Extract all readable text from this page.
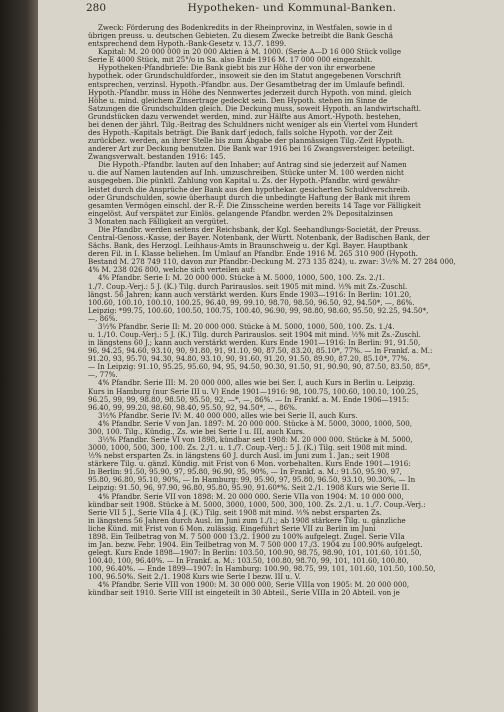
280	Hypotheken- und Kommunal-Banken.
Zweck: Förderung des Bodenkredits in der Rheinprovinz, in Westfalen, sowie in d
übrigen preuss. u. deutschen Gebieten. Zu diesem Zwecke betreibt die Bank Geschä
entsprechend dem Hypoth.-Bank-Gesetz v. 13./7. 1899.
Kapital: M. 20 000 000 in 20 000 Aktien à M. 1000. (Serie A—D 16 000 Stück vollge
Serie E 4000 Stück, mit 25°/o in Sa. also Ende 1916 M. 17 000 000 eingezahlt.
Hypotheken-Pfandbriefe: Die Bank giebt bis zur Höhe der von ihr erworbene
hypothek. oder Grundschuldforder., insoweit sie den im Statut angegebenen Vorschrift
entsprechen, verzinsl. Hypoth.-Pfandbr. aus. Der Gesamtbetrag der im Umlaufe befindl.
Hypoth.-Pfandbr. muss in Höhe des Nennwertes jederzeit durch Hypoth. von mind. gleich
Höhe u. mind. gleichem Zinsertrage gedeckt sein. Den Hypoth. stehen im Sinne de
Satzungen die Grundschulden gleich. Die Deckung muss, soweit Hypoth. an landwirtschaftl.
Grundstücken dazu verwendet werden, mind. zur Hälfte aus Amort.-Hypoth. bestehen,
bei denen der jährl. Tilg.-Beitrag des Schuldners nicht weniger als ein Viertel vom Hundert
des Hypoth.-Kapitals beträgt. Die Bank darf jedoch, falls solche Hypoth. vor der Zeit
zurückbez. werden, an ihrer Stelle bis zum Abgabe der planmässigen Tilg.-Zeit Hypoth.
anderer Art zur Deckung benutzen. Die Bank war 1916 bei 16 Zwangsversteiger. beteiligt.
Zwangsverwalt. bestanden 1916: 145.
Die Hypoth.-Pfandbr. lauten auf den Inhaber; auf Antrag sind sie jederzeit auf Namen
u. die auf Namen lautenden auf Inh. umzuschreiben. Stücke unter M. 100 werden nicht
ausgegeben. Die pünktl. Zahlung von Kapital u. Zs. der Hypoth.-Pfandbr. wird gewähr-
leistet durch die Ansprüche der Bank aus den hypothekar. gesicherten Schuldverschreib.
oder Grundschulden, sowie überhaupt durch die unbedingte Haftung der Bank mit ihrem
gesamten Vermögen einschl. der R.-F. Die Zinsscheine werden bereits 14 Tage vor Fälligkeit
eingelöst. Auf verspätet zur Einlös. gelangende Pfandbr. werden 2% Depositalzinsen
3 Monaten nach Fälligkeit an vergütet.
Die Pfandbr. werden seitens der Reichsbank, der Kgl. Seehandlungs-Societät, der Preuss.
Central-Genoss.-Kasse, der Bayer. Notenbank, der Württ. Notenbank, der Badischen Bank, der
Sächs. Bank, des Herzogl. Leihhaus-Amts in Braunschweig u. der Kgl. Bayer. Hauptbank
deren Fil. in I. Klasse beliehen. Im Umlauf an Pfandbr. Ende 1916 M. 265 310 900 (Hypoth.
Bestand M. 278 749 110, davon zur Pfandbr.-Deckung M. 273 135 824), u. zwar: 3½% M. 27 284 000,
4% M. 238 026 800, welche sich verteilen auf:
4% Pfandbr. Serie I: M. 20 000 000. Stücke à M. 5000, 1000, 500, 100. Zs. 2./1.
1./7. Coup.-Verj.: 5 J. (K.) Tilg. durch Parirauslos. seit 1905 mit mind. ½% mit Zs.-Zuschl.
längst. 56 Jahren; kann auch verstärkt werden. Kurs Ende 1903—1916: In Berlin: 101.20,
100.60, 100.10, 100.10, 100.25, 96.40, 99, 99.10, 98.70, 98.50, 96.50, 92, 94.50*, —, 86%.
Leipzig: *99.75, 100.60, 100.50, 100.75, 100.40, 96.90, 99, 98.80, 98.60, 95.50, 92.25, 94.50*,
—, 86%.
3½% Pfandbr. Serie II: M. 20 000 000. Stücke à M. 5000, 1000, 500, 100. Zs. 1./4.
u. 1./10. Coup.-Verj.: 5 J. (K.) Tilg. durch Parirauslos. seit 1904 mit mind. ½% mit Zs.-Zuschl.
in längstens 60 J.; kann auch verstärkt werden. Kurs Ende 1901—1916: In Berlin: 91, 91.50,
96, 94.25, 94.60, 93.10, 90, 91.80, 91, 91.10, 90, 87.50, 83.20, 85.10*, 77%. — In Frankf. a. M.:
91.20, 93, 95.70, 94.30, 94.80, 93.10, 90, 91.60, 91.20, 91.50, 89.90, 87.20, 85.10*, 77%.
— In Leipzig: 91.10, 95.25, 95.60, 94, 95, 94.50, 90.30, 91.50, 91, 90.90, 90, 87.50, 83.50, 85*,
—, 77%.
4% Pfandbr. Serie III: M. 20 000 000, alles wie bei Ser. I, auch Kurs in Berlin u. Leipzig.
Kurs in Hamburg (nur Serie III u. V) Ende 1901—1916: 98, 100.75, 100.60, 100.10, 100.25,
96.25, 99, 99, 98.80, 98.50, 95.50, 92, —*, —, 86%. — In Frankf. a. M. Ende 1906—1915:
96.40, 99, 99.20, 98.60, 98.40, 95.50, 92, 94.50*, —, 86%.
3½% Pfandbr. Serie IV: M. 40 000 000, alles wie bei Serie II, auch Kurs.
4% Pfandbr. Serie V von Jan. 1897: M. 20 000 000. Stücke à M. 5000, 3000, 1000, 500,
300, 100. Tilg., Kündig., Zs. wie bei Serie I u. III, auch Kurs.
3½% Pfandbr. Serie VI von 1898, kündbar seit 1908: M. 20 000 000. Stücke à M. 5000,
3000, 1000, 500, 300, 100. Zs. 2./1. u. 1./7. Coup.-Verj.: 5 J. (K.) Tilg. seit 1908 mit mind.
½% nebst ersparten Zs. in längstens 60 J. durch Ausl. im Juni zum 1. Jan.; seit 1908
stärkere Tilg. u. gänzl. Kündig. mit Frist von 6 Mon. vorbehalten. Kurs Ende 1901—1916:
In Berlin: 91.50, 95.90, 97, 95.80, 96.90, 95, 90%, — In Frankf. a. M.: 91.50, 95.90, 97,
95.80, 96.80, 95.10, 90%, — In Hamburg: 99, 95.90, 97, 95.80, 96.50, 93.10, 90.30%, — In
Leipzig: 91.50, 96, 97.90, 96.80, 95.80, 95.90, 91.60*%. Seit 2./1. 1908 Kurs wie Serie II.
4% Pfandbr. Serie VII von 1898: M. 20 000 000. Serie VIIa von 1904: M. 10 000 000,
kündbar seit 1908. Stücke à M. 5000, 3000, 1000, 500, 300, 100. Zs. 2./1. u. 1./7. Coup.-Verj.:
Serie VII 5 J., Serie VIIa 4 J. (K.) Tilg. seit 1908 mit mind. ½% nebst ersparten Zs.
in längstens 56 Jahren durch Ausl. im Juni zum 1./1.; ab 1908 stärkere Tilg. u. gänzliche
liche Künd. mit Frist von 6 Mon. zulässig. Eingeführt Serie VII zu Berlin im Juni
1898. Ein Teilbetrag von M. 7 500 000 13./2. 1900 zu 100% aufgelegt. Zugel. Serie VIIa
im Jan. bezw. Febr. 1904. Ein Teilbetrag von M. 7 500 000 17./3. 1904 zu 100.90% aufgelegt.
gelegt. Kurs Ende 1898—1907: In Berlin: 103.50, 100.90, 98.75, 98.90, 101, 101.60, 101.50,
100.40, 100, 96.40%. — In Frankf. a. M.: 103.50, 100.80, 98.70, 99, 101, 101.60, 100.80,
100, 96.40%. — Ende 1899—1907: In Hamburg: 100.90, 98.75, 99, 101, 101.60, 101.50, 100.50,
100, 96.50%. Seit 2./1. 1908 Kurs wie Serie I bezw. III u. V.
4% Pfandbr. Serie VIII von 1900: M. 30 000 000, Serie VIIIa von 1905: M. 20 000 000,
kündbar seit 1910. Serie VIII ist eingeteilt in 30 Abteil., Serie VIIIa in 20 Abteil. von je
